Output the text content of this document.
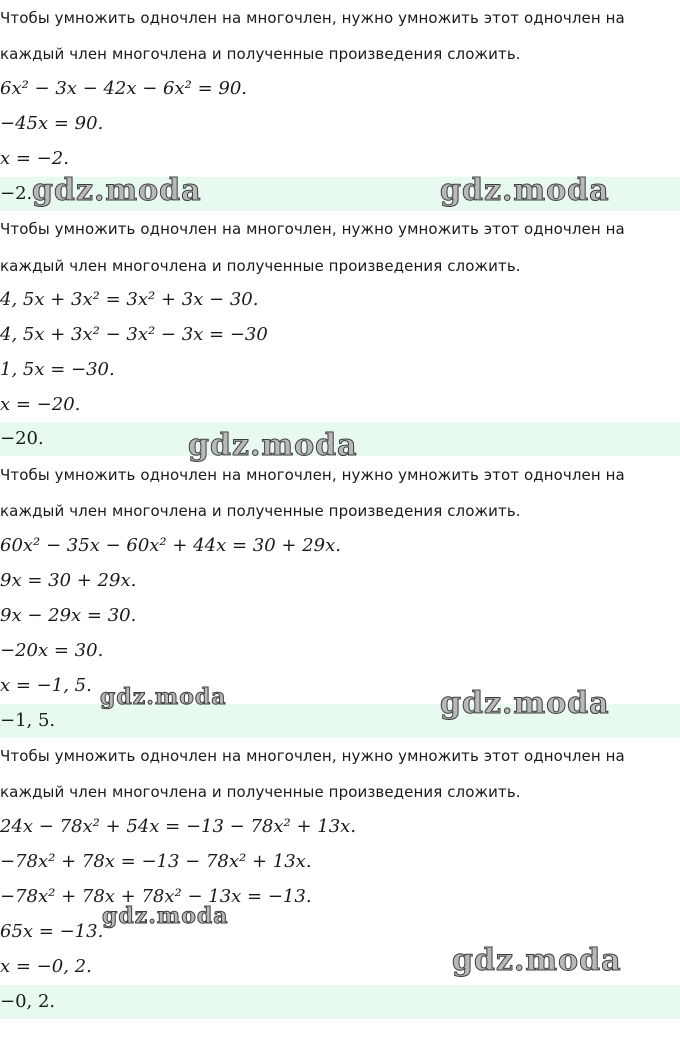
Чтобы умножить одночлен на многочлен, нужно умножить этот одночлен на
каждый член многочлена и полученные произведения сложить.
6x² − 3x − 42x − 6x² = 90.
−45x = 90.
x = −2.
−2.
Чтобы умножить одночлен на многочлен, нужно умножить этот одночлен на
каждый член многочлена и полученные произведения сложить.
4, 5x + 3x² = 3x² + 3x − 30.
4, 5x + 3x² − 3x² − 3x = −30
1, 5x = −30.
x = −20.
−20.
Чтобы умножить одночлен на многочлен, нужно умножить этот одночлен на
каждый член многочлена и полученные произведения сложить.
60x² − 35x − 60x² + 44x = 30 + 29x.
9x = 30 + 29x.
9x − 29x = 30.
−20x = 30.
x = −1, 5.
−1, 5.
Чтобы умножить одночлен на многочлен, нужно умножить этот одночлен на
каждый член многочлена и полученные произведения сложить.
24x − 78x² + 54x = −13 − 78x² + 13x.
−78x² + 78x = −13 − 78x² + 13x.
−78x² + 78x + 78x² − 13x = −13.
65x = −13.
x = −0, 2.
−0, 2.
gdz.moda	gdz.moda
gdz.moda
gdz.moda	gdz.moda
gdz.moda
gdz.moda
